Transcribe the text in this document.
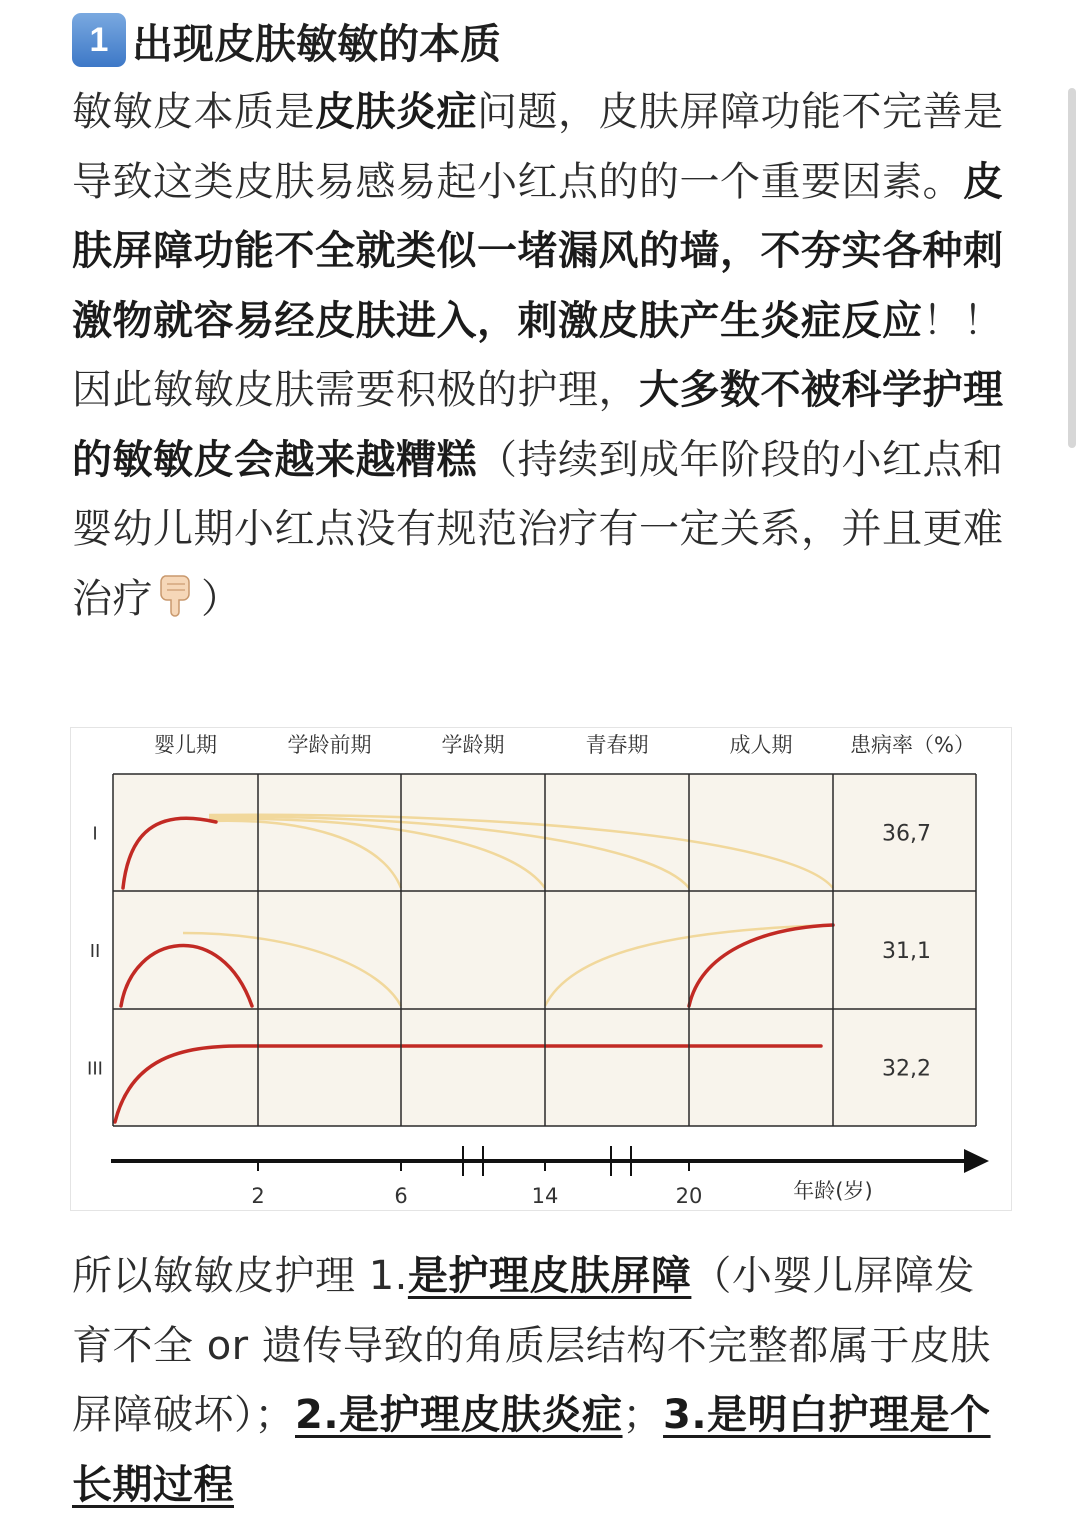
1 出现皮肤敏敏的本质
敏敏皮本质是皮肤炎症问题，皮肤屏障功能不完善是导致这类皮肤易感易起小红点的的一个重要因素。皮肤屏障功能不全就类似一堵漏风的墙，不夯实各种刺激物就容易经皮肤进入，刺激皮肤产生炎症反应！！因此敏敏皮肤需要积极的护理，大多数不被科学护理的敏敏皮会越来越糟糕（持续到成年阶段的小红点和婴幼儿期小红点没有规范治疗有一定关系，并且更难治疗 ）
婴儿期	学龄前期	学龄期	青春期	成人期	患病率（%）
I	36,7
II	31,1
III	32,2
2	6	14	20	年龄(岁)
所以敏敏皮护理 1.是护理皮肤屏障（小婴儿屏障发育不全 or 遗传导致的角质层结构不完整都属于皮肤屏障破坏）；2.是护理皮肤炎症；3.是明白护理是个长期过程
